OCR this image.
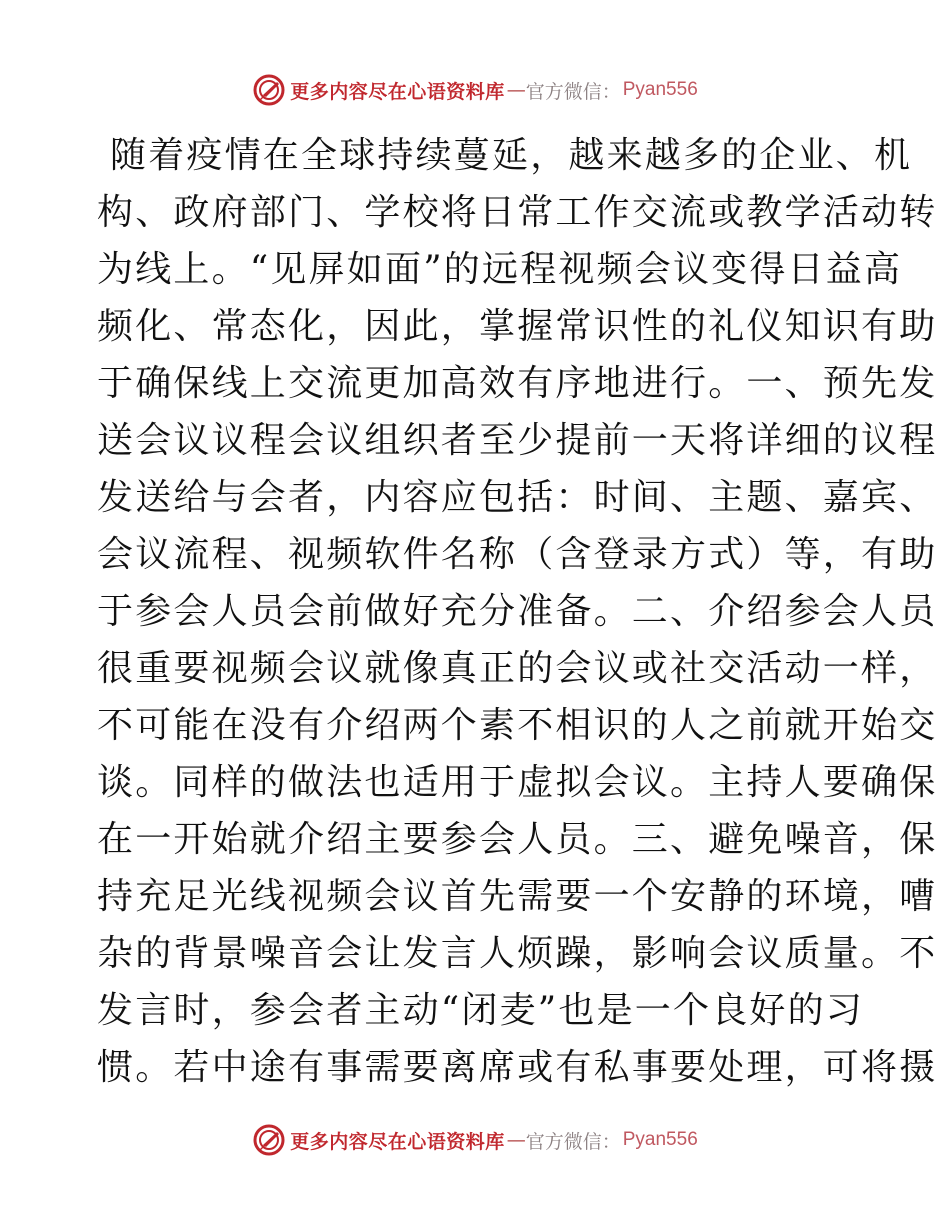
更多内容尽在心语资料库 — 官方微信： Pyan556
随着疫情在全球持续蔓延，越来越多的企业、机
构、政府部门、学校将日常工作交流或教学活动转
为线上。“见屏如面”的远程视频会议变得日益高
频化、常态化，因此，掌握常识性的礼仪知识有助
于确保线上交流更加高效有序地进行。一、预先发
送会议议程会议组织者至少提前一天将详细的议程
发送给与会者，内容应包括：时间、主题、嘉宾、
会议流程、视频软件名称（含登录方式）等，有助
于参会人员会前做好充分准备。二、介绍参会人员
很重要视频会议就像真正的会议或社交活动一样，
不可能在没有介绍两个素不相识的人之前就开始交
谈。同样的做法也适用于虚拟会议。主持人要确保
在一开始就介绍主要参会人员。三、避免噪音，保
持充足光线视频会议首先需要一个安静的环境，嘈
杂的背景噪音会让发言人烦躁，影响会议质量。不
发言时，参会者主动“闭麦”也是一个良好的习
惯。若中途有事需要离席或有私事要处理，可将摄
更多内容尽在心语资料库 — 官方微信： Pyan556
